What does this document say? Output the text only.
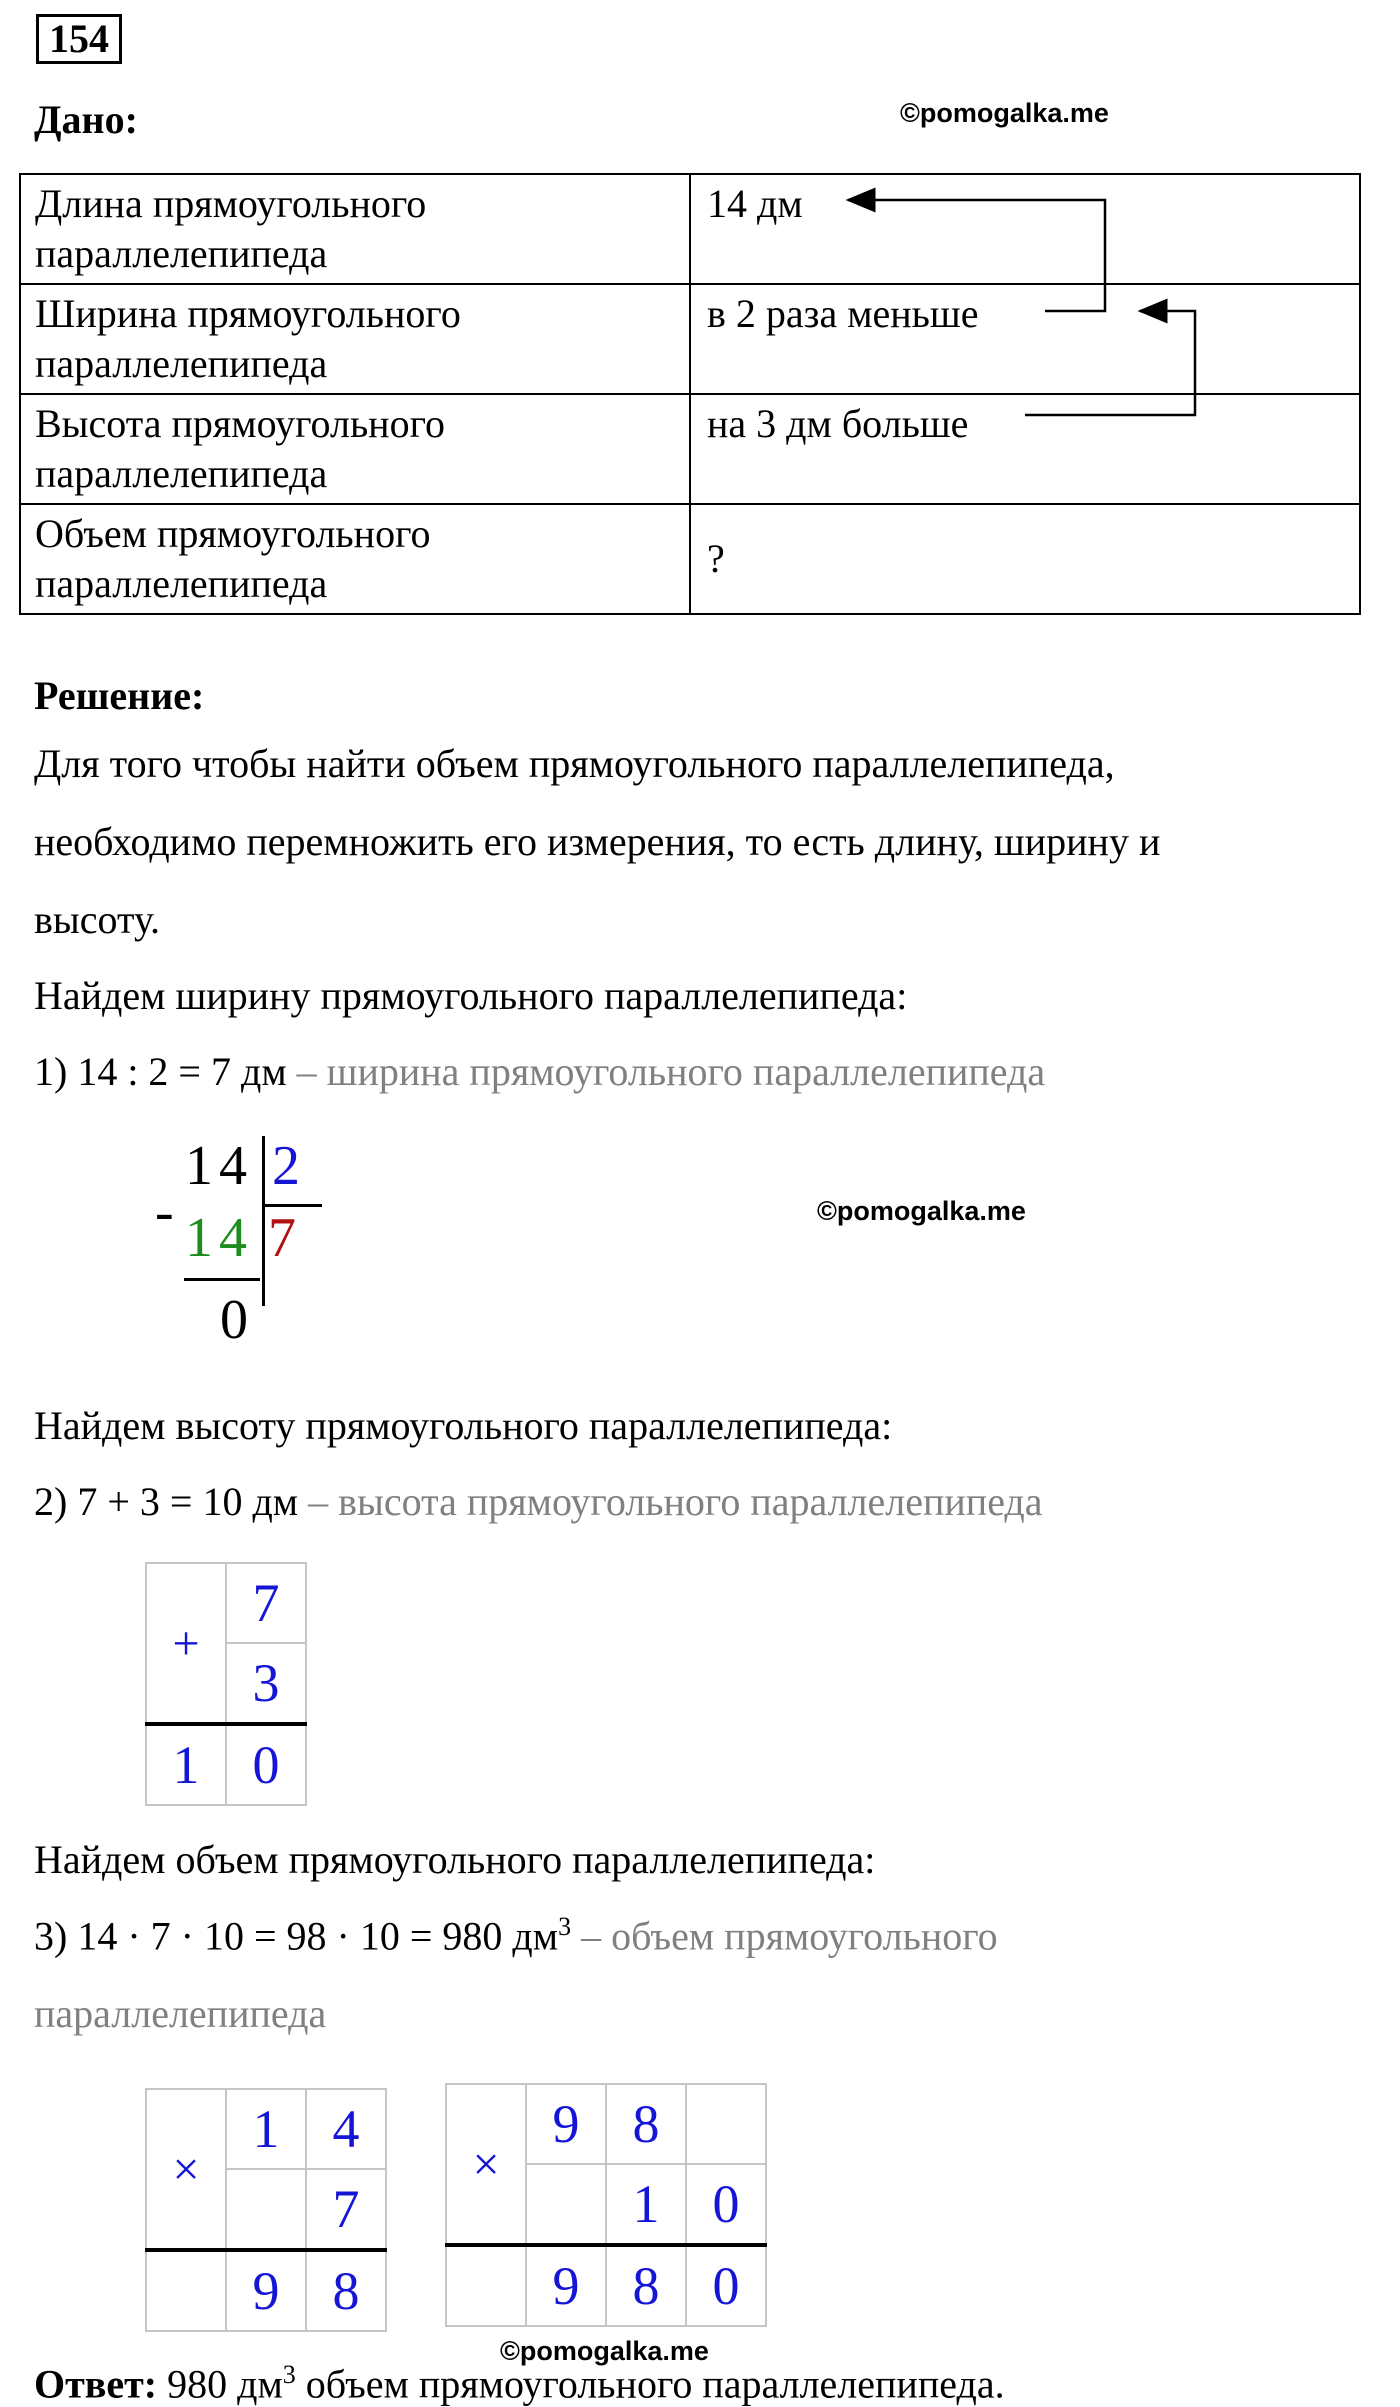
154
Дано:	©pomogalka.me
Длина прямоугольного параллелепипеда	14 дм
Ширина прямоугольного параллелепипеда	в 2 раза меньше
Высота прямоугольного параллелепипеда	на 3 дм больше
Объем прямоугольного параллелепипеда	?
Решение:
Для того чтобы найти объем прямоугольного параллелепипеда,
необходимо перемножить его измерения, то есть длину, ширину и
высоту.
Найдем ширину прямоугольного параллелепипеда:
1) 14 : 2 = 7 дм – ширина прямоугольного параллелепипеда
14 2
- 14 7
0
©pomogalka.me
Найдем высоту прямоугольного параллелепипеда:
2) 7 + 3 = 10 дм – высота прямоугольного параллелепипеда
+	7
	3
1	0
Найдем объем прямоугольного параллелепипеда:
3) 14 · 7 · 10 = 98 · 10 = 980 $дм^3$ – объем прямоугольного
параллелепипеда
×	1	4
		7
	9	8
×	9	8	
		1	0
	9	8	0
©pomogalka.me
Ответ: 980 $дм^3$ объем прямоугольного параллелепипеда.
